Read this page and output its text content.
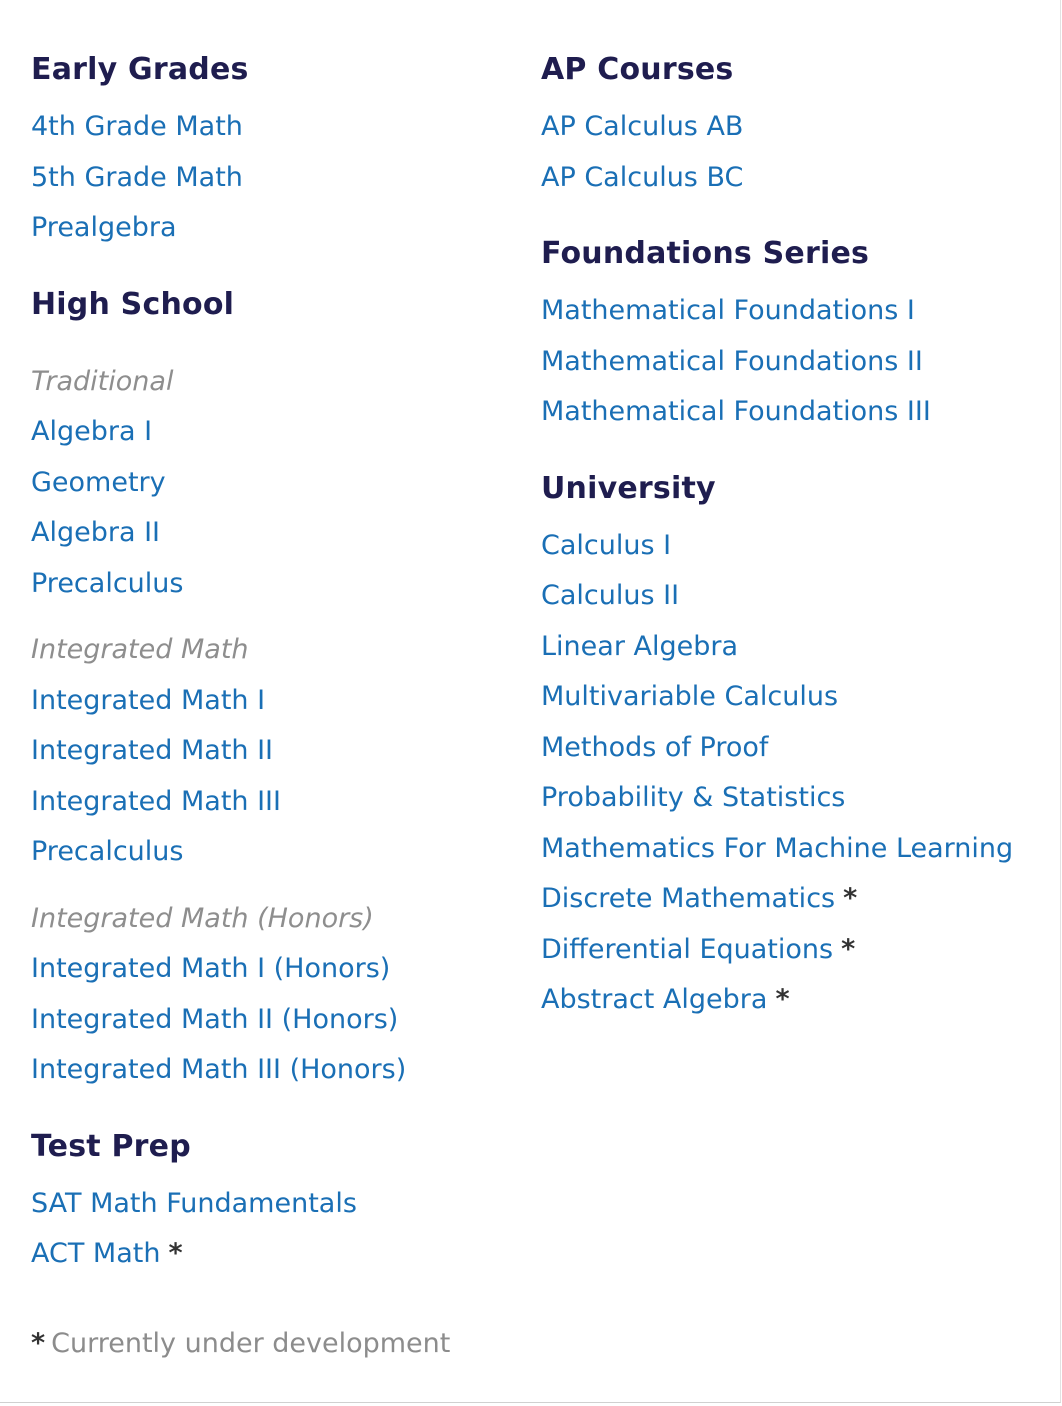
Early Grades
4th Grade Math
5th Grade Math
Prealgebra
High School
Traditional
Algebra I
Geometry
Algebra II
Precalculus
Integrated Math
Integrated Math I
Integrated Math II
Integrated Math III
Precalculus
Integrated Math (Honors)
Integrated Math I (Honors)
Integrated Math II (Honors)
Integrated Math III (Honors)
Test Prep
SAT Math Fundamentals
ACT Math *
AP Courses
AP Calculus AB
AP Calculus BC
Foundations Series
Mathematical Foundations I
Mathematical Foundations II
Mathematical Foundations III
University
Calculus I
Calculus II
Linear Algebra
Multivariable Calculus
Methods of Proof
Probability & Statistics
Mathematics For Machine Learning
Discrete Mathematics *
Differential Equations *
Abstract Algebra *
* Currently under development
